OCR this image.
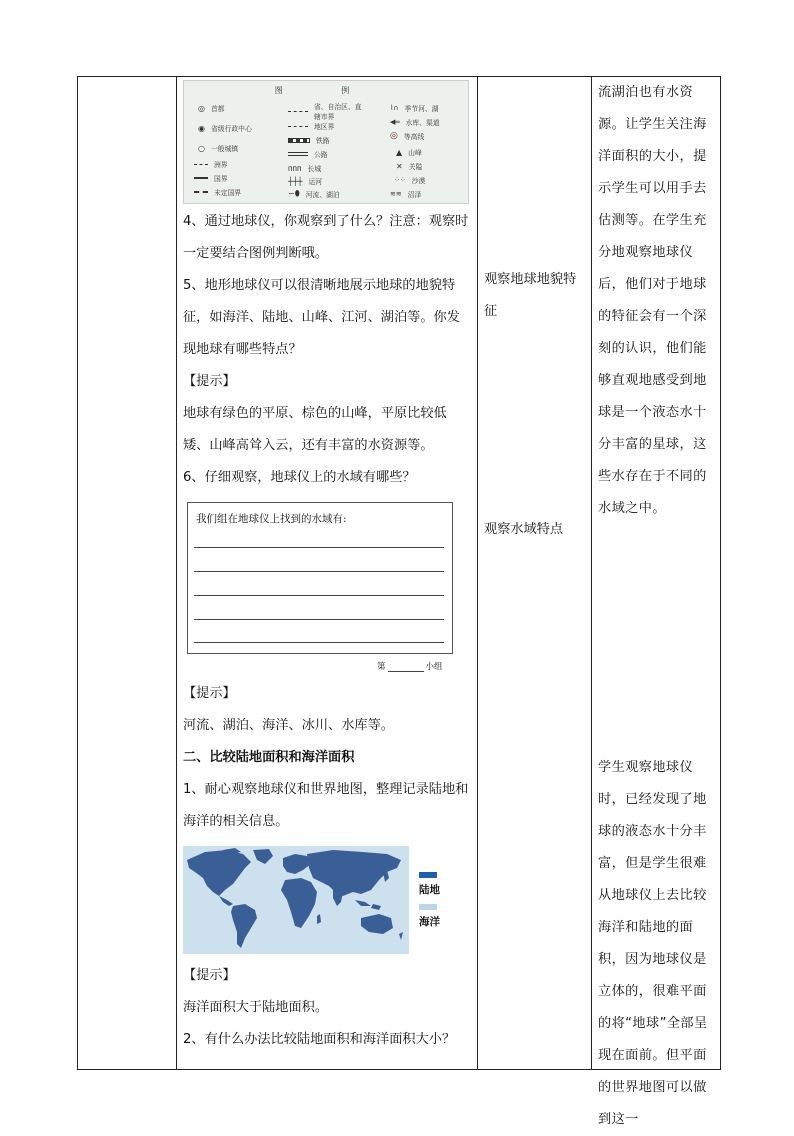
图 例
◎ 首都
◉ 省级行政中心
○ 一般城镇
洲界
国界
未定国界
省、自治区、直辖市界
地区界
铁路
公路
ᴨᴨᴨ 长城
┼┼┼ 运河
∽⬮ 河流、湖泊
⌇∩ 季节河、湖
◀═ 水库、渠道
◎ 等高线
▲ 山峰
✕ 关隘
⁘⁘ 沙漠
≋≋ 沼泽

4、通过地球仪，你观察到了什么？注意：观察时一定要结合图例判断哦。

5、地形地球仪可以很清晰地展示地球的地貌特征，如海洋、陆地、山峰、江河、湖泊等。你发现地球有哪些特点？

【提示】

地球有绿色的平原、棕色的山峰，平原比较低矮、山峰高耸入云，还有丰富的水资源等。

6、仔细观察，地球仪上的水域有哪些？

我们组在地球仪上找到的水域有:
第	小组

【提示】

河流、湖泊、海洋、冰川、水库等。

二、比较陆地面积和海洋面积

1、耐心观察地球仪和世界地图，整理记录陆地和海洋的相关信息。

陆地
海洋

【提示】

海洋面积大于陆地面积。

2、有什么办法比较陆地面积和海洋面积大小？

观察地球地貌特征

观察水域特点

流湖泊也有水资源。让学生关注海洋面积的大小，提示学生可以用手去估测等。在学生充分地观察地球仪后，他们对于地球的特征会有一个深刻的认识，他们能够直观地感受到地球是一个液态水十分丰富的星球，这些水存在于不同的水域之中。

学生观察地球仪时，已经发现了地球的液态水十分丰富，但是学生很难从地球仪上去比较海洋和陆地的面积，因为地球仪是立体的，很难平面的将“地球”全部呈现在面前。但平面的世界地图可以做到这一
